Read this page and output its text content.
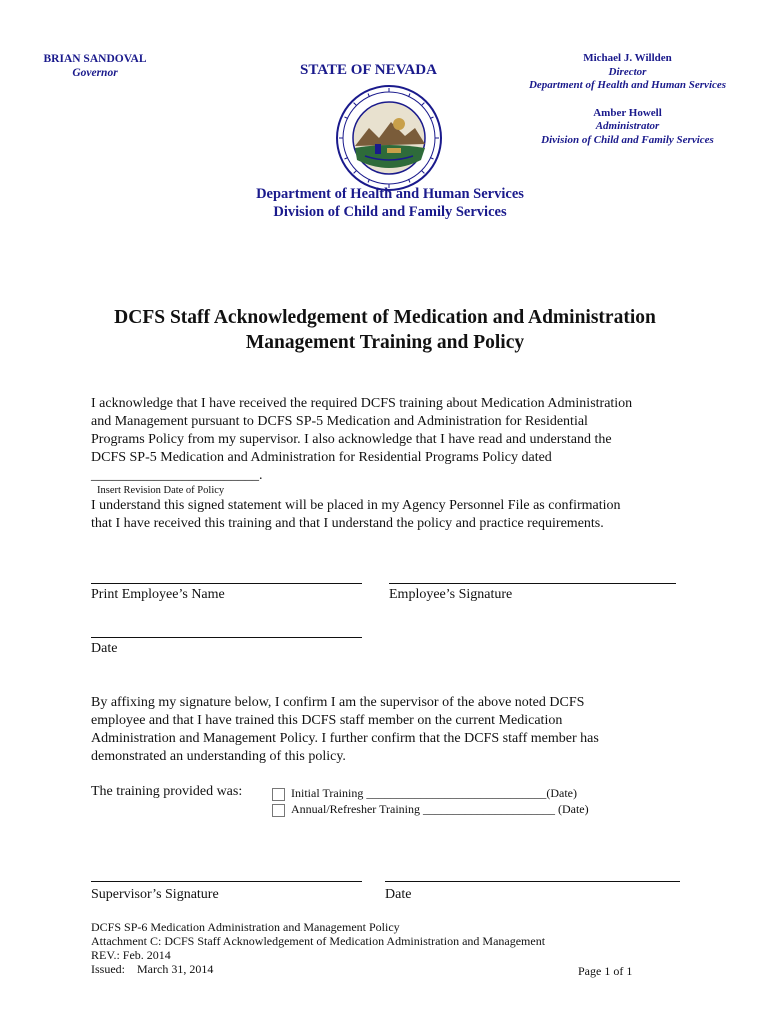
BRIAN SANDOVAL
Governor	STATE OF NEVADA
Michael J. Willden
Director
Department of Health and Human Services
Amber Howell
Administrator
Division of Child and Family Services
Department of Health and Human Services
Division of Child and Family Services
DCFS Staff Acknowledgement of Medication and Administration
Management Training and Policy
I acknowledge that I have received the required DCFS training about Medication Administration
and Management pursuant to DCFS SP-5 Medication and Administration for Residential
Programs Policy from my supervisor. I also acknowledge that I have read and understand the
DCFS SP-5 Medication and Administration for Residential Programs Policy dated
________________________.
Insert Revision Date of Policy
I understand this signed statement will be placed in my Agency Personnel File as confirmation
that I have received this training and that I understand the policy and practice requirements.
Print Employee’s Name	Employee’s Signature
Date
By affixing my signature below, I confirm I am the supervisor of the above noted DCFS
employee and that I have trained this DCFS staff member on the current Medication
Administration and Management Policy. I further confirm that the DCFS staff member has
demonstrated an understanding of this policy.
The training provided was:	Initial Training ______________________________(Date)
Annual/Refresher Training ______________________ (Date)
Supervisor’s Signature	Date
DCFS SP-6 Medication Administration and Management Policy
Attachment C: DCFS Staff Acknowledgement of Medication Administration and Management
REV.: Feb. 2014
Issued: March 31, 2014	Page 1 of 1
